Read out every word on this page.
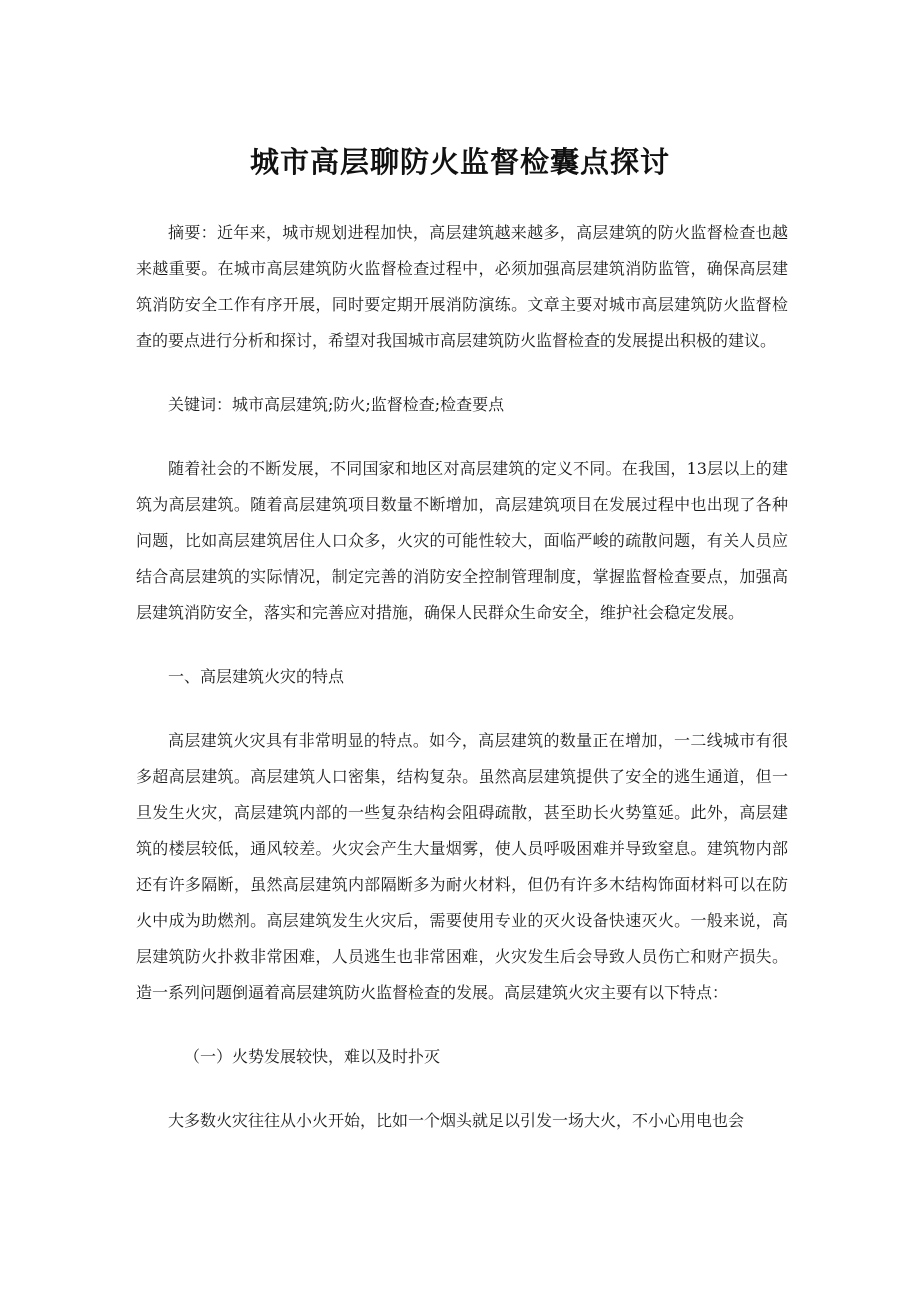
城市高层聊防火监督检囊点探讨

摘要：近年来，城市规划进程加快，高层建筑越来越多，高层建筑的防火监督检查也越来越重要。在城市高层建筑防火监督检查过程中，必须加强高层建筑消防监管，确保高层建筑消防安全工作有序开展，同时要定期开展消防演练。文章主要对城市高层建筑防火监督检查的要点进行分析和探讨，希望对我国城市高层建筑防火监督检查的发展提出积极的建议。

关键词：城市高层建筑;防火;监督检查;检查要点

随着社会的不断发展，不同国家和地区对高层建筑的定义不同。在我国，13层以上的建筑为高层建筑。随着高层建筑项目数量不断增加，高层建筑项目在发展过程中也出现了各种问题，比如高层建筑居住人口众多，火灾的可能性较大，面临严峻的疏散问题，有关人员应结合高层建筑的实际情况，制定完善的消防安全控制管理制度，掌握监督检查要点，加强高层建筑消防安全，落实和完善应对措施，确保人民群众生命安全，维护社会稳定发展。

一、高层建筑火灾的特点

高层建筑火灾具有非常明显的特点。如今，高层建筑的数量正在增加，一二线城市有很多超高层建筑。高层建筑人口密集，结构复杂。虽然高层建筑提供了安全的逃生通道，但一旦发生火灾，高层建筑内部的一些复杂结构会阻碍疏散，甚至助长火势篁延。此外，高层建筑的楼层较低，通风较差。火灾会产生大量烟雾，使人员呼吸困难并导致窒息。建筑物内部还有许多隔断，虽然高层建筑内部隔断多为耐火材料，但仍有许多木结构饰面材料可以在防火中成为助燃剂。高层建筑发生火灾后，需要使用专业的灭火设备快速灭火。一般来说，高层建筑防火扑救非常困难，人员逃生也非常困难，火灾发生后会导致人员伤亡和财产损失。造一系列问题倒逼着高层建筑防火监督检查的发展。高层建筑火灾主要有以下特点：

（一）火势发展较快，难以及时扑灭

大多数火灾往往从小火开始，比如一个烟头就足以引发一场大火，不小心用电也会
